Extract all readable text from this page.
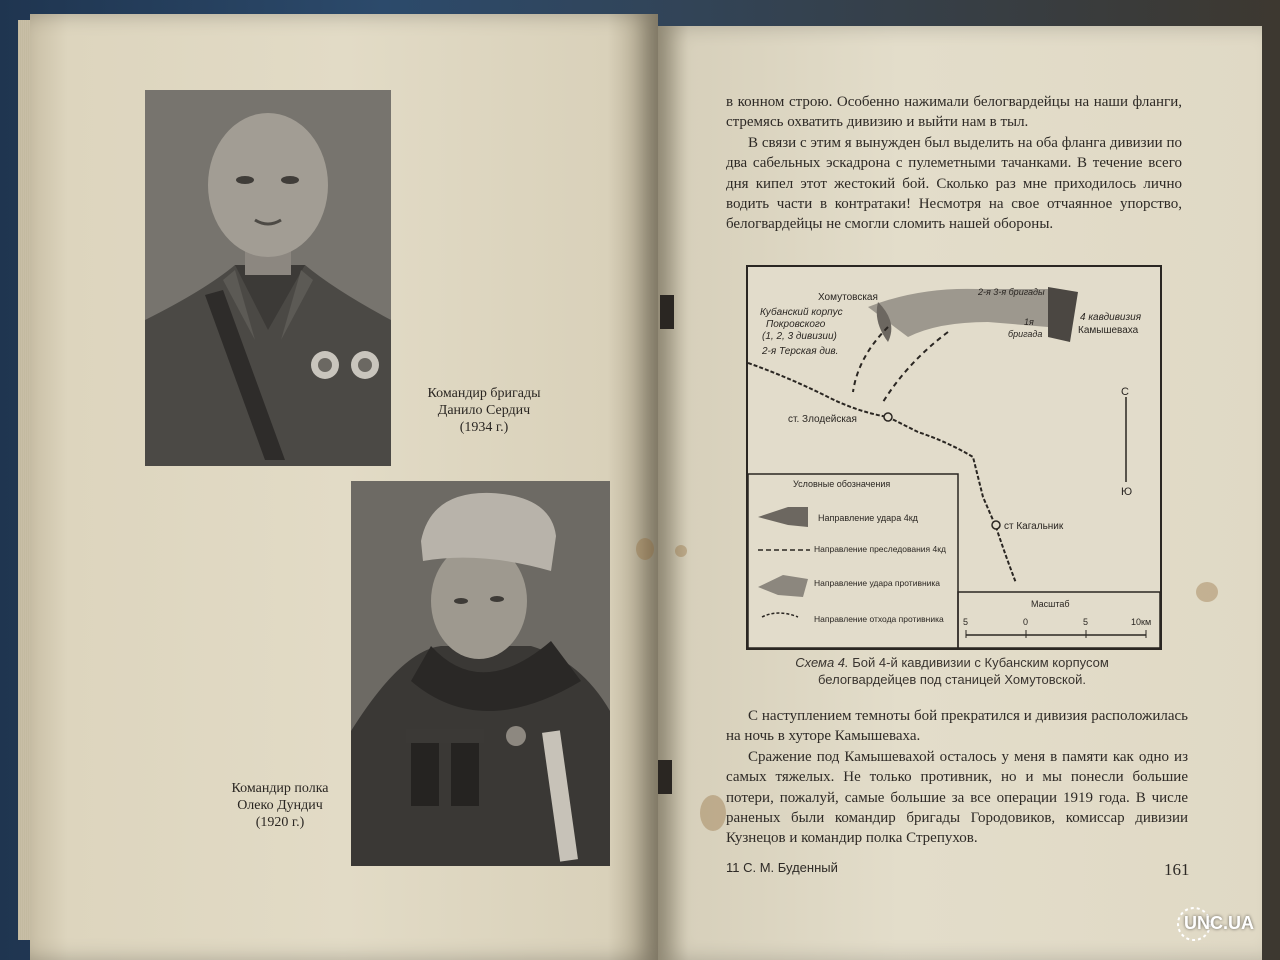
Командир бригады
Данило Сердич
(1934 г.)
Командир полка
Олеко Дундич
(1920 г.)

в конном строю. Особенно нажимали белогвардейцы на наши фланги, стремясь охватить дивизию и выйти нам в тыл.

В связи с этим я вынужден был выделить на оба фланга дивизии по два сабельных эскадрона с пулеметными тачанками. В течение всего дня кипел этот жестокий бой. Сколько раз мне приходилось лично водить части в контратаки! Несмотря на свое отчаянное упорство, белогвардейцы не смогли сломить нашей обороны.

С
Ю
Хомутовская
Кубанский корпус
Покровского
(1, 2, 3 дивизии)
2-я Терская див.
2-я 3-я бригады
4 кавдивизия
Камышеваха
1я
бригада
ст. Злодейская
ст Кагальник
Условные обозначения
Направление удара 4кд
Направление преследования 4кд
Направление удара противника
Направление отхода противника
Масштаб
5	0	5	10км
Схема 4. Бой 4-й кавдивизии с Кубанским корпусом белогвардейцев под станицей Хомутовской.

С наступлением темноты бой прекратился и дивизия расположилась на ночь в хуторе Камышеваха.

Сражение под Камышевахой осталось у меня в памяти как одно из самых тяжелых. Не только противник, но и мы понесли большие потери, пожалуй, самые большие за все операции 1919 года. В числе раненых были командир бригады Городовиков, комиссар дивизии Кузнецов и командир полка Стрепухов.

11 С. М. Буденный	161
UNC.UA
